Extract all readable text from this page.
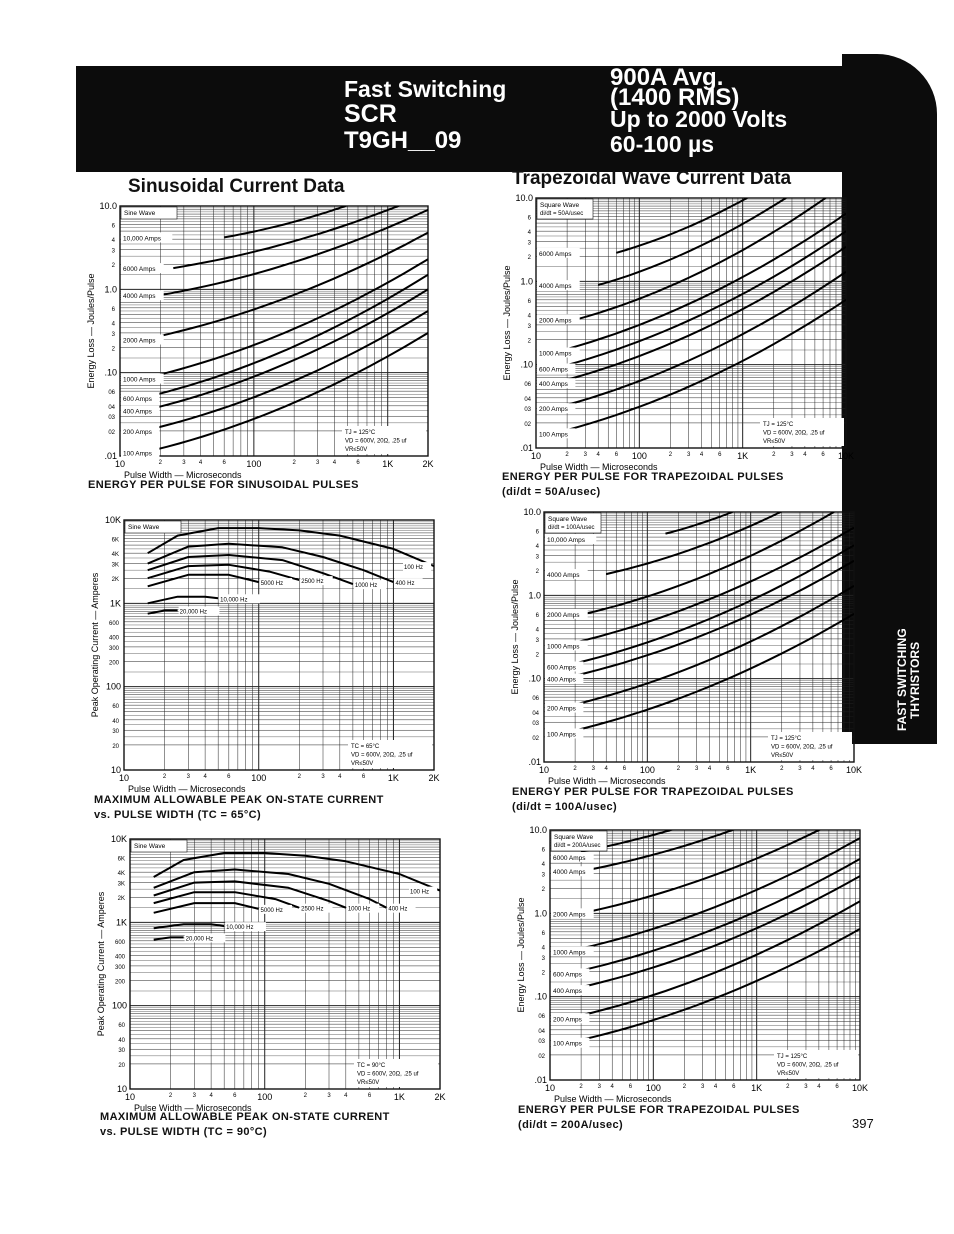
Fast Switching
SCR
T9GH__09
900A Avg.
(1400 RMS)
Up to 2000 Volts
60-100 µs
FAST SWITCHING THYRISTORS
Sinusoidal Current Data	Trapezoidal Wave Current Data
10	2	3 4	6 100	2	3 4	6	1K	2K
10.0
6
4
3
2
1.0
6
4
3
2
.10
06
04
03
02
.01
Pulse Width — Microseconds
Energy Loss — Joules/Pulse
10,000 Amps
6000 Amps
4000 Amps
2000 Amps
1000 Amps
600 Amps
400 Amps
200 Amps
100 Amps
Sine Wave
TJ = 125°C
VD = 600V, 20Ω, .25 uf
VR≤50V
10	2	3 4	6 100	2	3 4	6	1K	2K
10K
6K
4K
3K
2K
1K
600
400
300
200
100
60
40
30
20
10
Pulse Width — Microseconds
Peak Operating Current — Amperes
100 Hz
400 Hz
1000 Hz
2500 Hz
5000 Hz
10,000 Hz
20,000 Hz
Sine Wave
TC = 65°C
VD = 600V, 20Ω, .25 uf
VR≤50V
10	2	3 4	6 100	2	3 4	6	1K	2K
10K
6K
4K
3K
2K
1K
600
400
300
200
100
60
40
30
20
10
Pulse Width — Microseconds
Peak Operating Current — Amperes	100 Hz
400 Hz
1000 Hz
2500 Hz
5000 Hz
10,000 Hz
20,000 Hz
Sine Wave
TC = 90°C
VD = 600V, 20Ω, .25 uf
VR≤50V
10	2 3 4 6 100	2 3 4 6 1K	2 3 4 6 10K
10.0
6
4
3
2
1.0
6
4
3
2
.10
06
04
03
02
.01
Pulse Width — Microseconds
Energy Loss — Joules/Pulse
6000 Amps
4000 Amps
2000 Amps
1000 Amps
600 Amps
400 Amps
200 Amps
100 Amps
Square Wave
di/dt = 50A/usec
TJ = 125°C
VD = 600V, 20Ω, .25 uf
VR≤50V
10	2 3 4 6 100	2 3 4 6 1K	2 3 4 6 10K
10.0
6
4
3
2
1.0
6
4
3
2
.10
06
04
03
02
.01
Pulse Width — Microseconds
Energy Loss — Joules/Pulse
10,000 Amps
4000 Amps
2000 Amps
1000 Amps
600 Amps
400 Amps
200 Amps
100 Amps
Square Wave
di/dt = 100A/usec
TJ = 125°C
VD = 600V, 20Ω, .25 uf
VR≤50V
10	2 3 4 6 100	2 3 4 6 1K	2 3 4 6 10K
10.0
6
4
3
2
1.0
6
4
3
2
.10
06
04
03
02
.01
Pulse Width — Microseconds
Energy Loss — Joules/Pulse
6000 Amps
4000 Amps
2000 Amps
1000 Amps
600 Amps
400 Amps
200 Amps
100 Amps
Square Wave
di/dt = 200A/usec
TJ = 125°C
VD = 600V, 20Ω, .25 uf
VR≤50V
ENERGY PER PULSE FOR SINUSOIDAL PULSES
MAXIMUM ALLOWABLE PEAK ON-STATE CURRENT
vs. PULSE WIDTH (TC = 65°C)
MAXIMUM ALLOWABLE PEAK ON-STATE CURRENT
vs. PULSE WIDTH (TC = 90°C)
ENERGY PER PULSE FOR TRAPEZOIDAL PULSES
(di/dt = 50A/usec)
ENERGY PER PULSE FOR TRAPEZOIDAL PULSES
(di/dt = 100A/usec)
ENERGY PER PULSE FOR TRAPEZOIDAL PULSES
(di/dt = 200A/usec)	397
